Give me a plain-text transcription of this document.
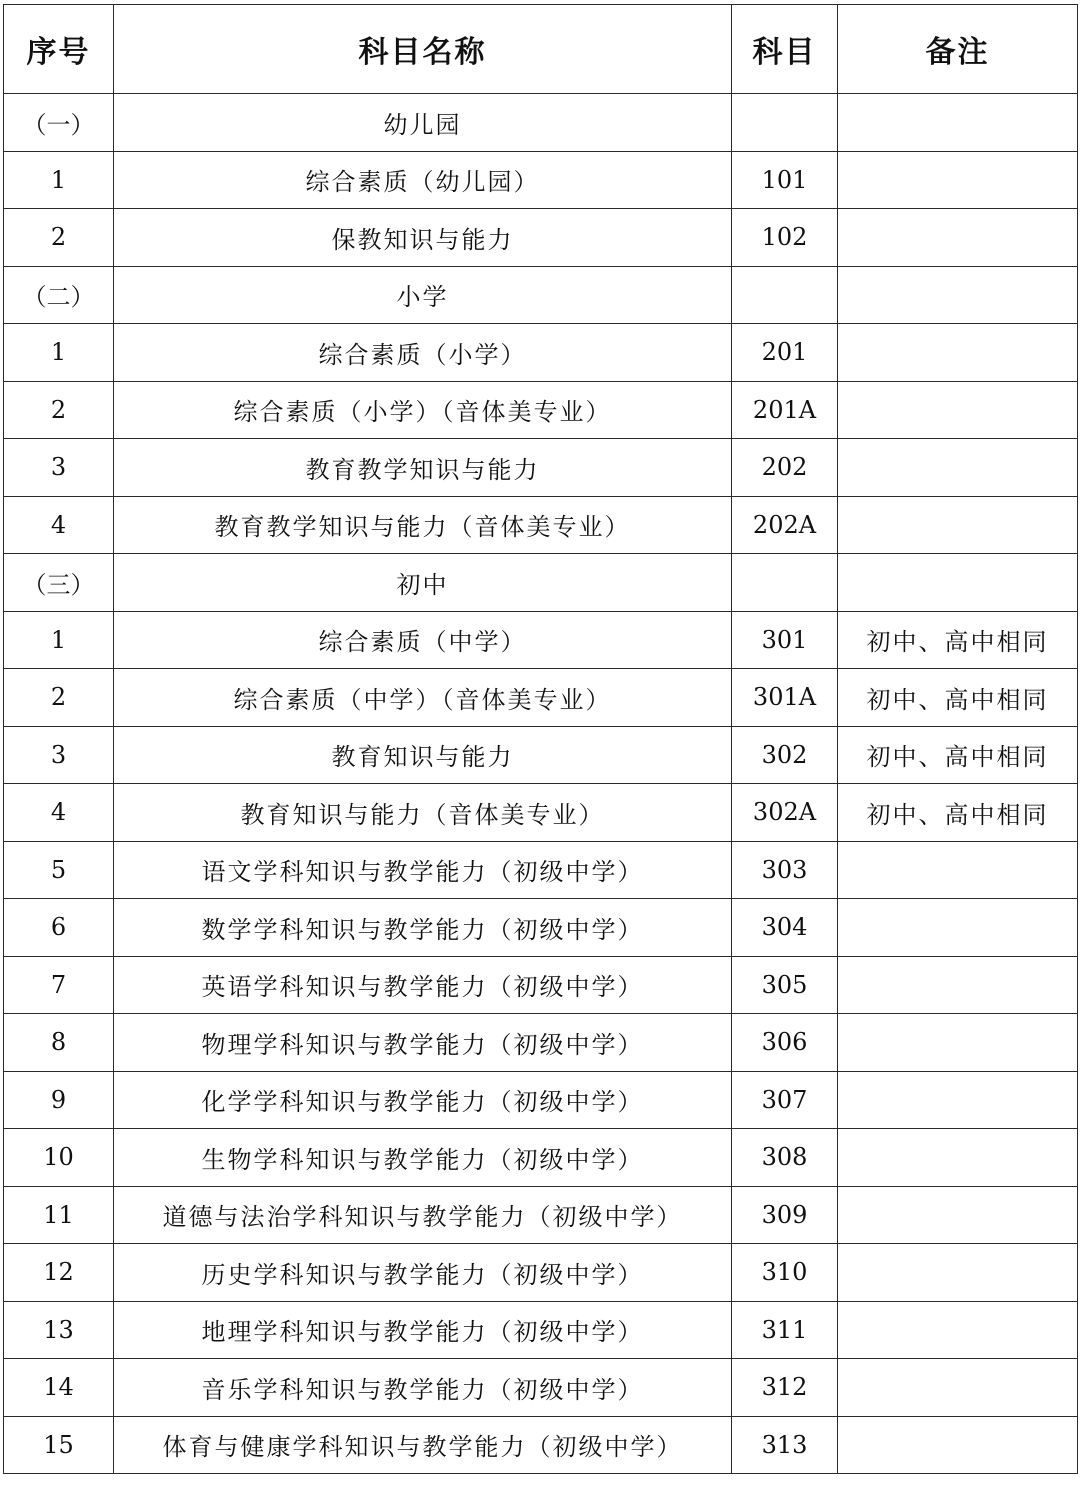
序号	科目名称	科目	备注
（一）	幼儿园		
1	综合素质（幼儿园）	101	
2	保教知识与能力	102	
（二）	小学		
1	综合素质（小学）	201	
2	综合素质（小学）（音体美专业）	201A	
3	教育教学知识与能力	202	
4	教育教学知识与能力（音体美专业）	202A	
（三）	初中		
1	综合素质（中学）	301	初中、高中相同
2	综合素质（中学）（音体美专业）	301A	初中、高中相同
3	教育知识与能力	302	初中、高中相同
4	教育知识与能力（音体美专业）	302A	初中、高中相同
5	语文学科知识与教学能力（初级中学）	303	
6	数学学科知识与教学能力（初级中学）	304	
7	英语学科知识与教学能力（初级中学）	305	
8	物理学科知识与教学能力（初级中学）	306	
9	化学学科知识与教学能力（初级中学）	307	
10	生物学科知识与教学能力（初级中学）	308	
11	道德与法治学科知识与教学能力（初级中学）	309	
12	历史学科知识与教学能力（初级中学）	310	
13	地理学科知识与教学能力（初级中学）	311	
14	音乐学科知识与教学能力（初级中学）	312	
15	体育与健康学科知识与教学能力（初级中学）	313	
